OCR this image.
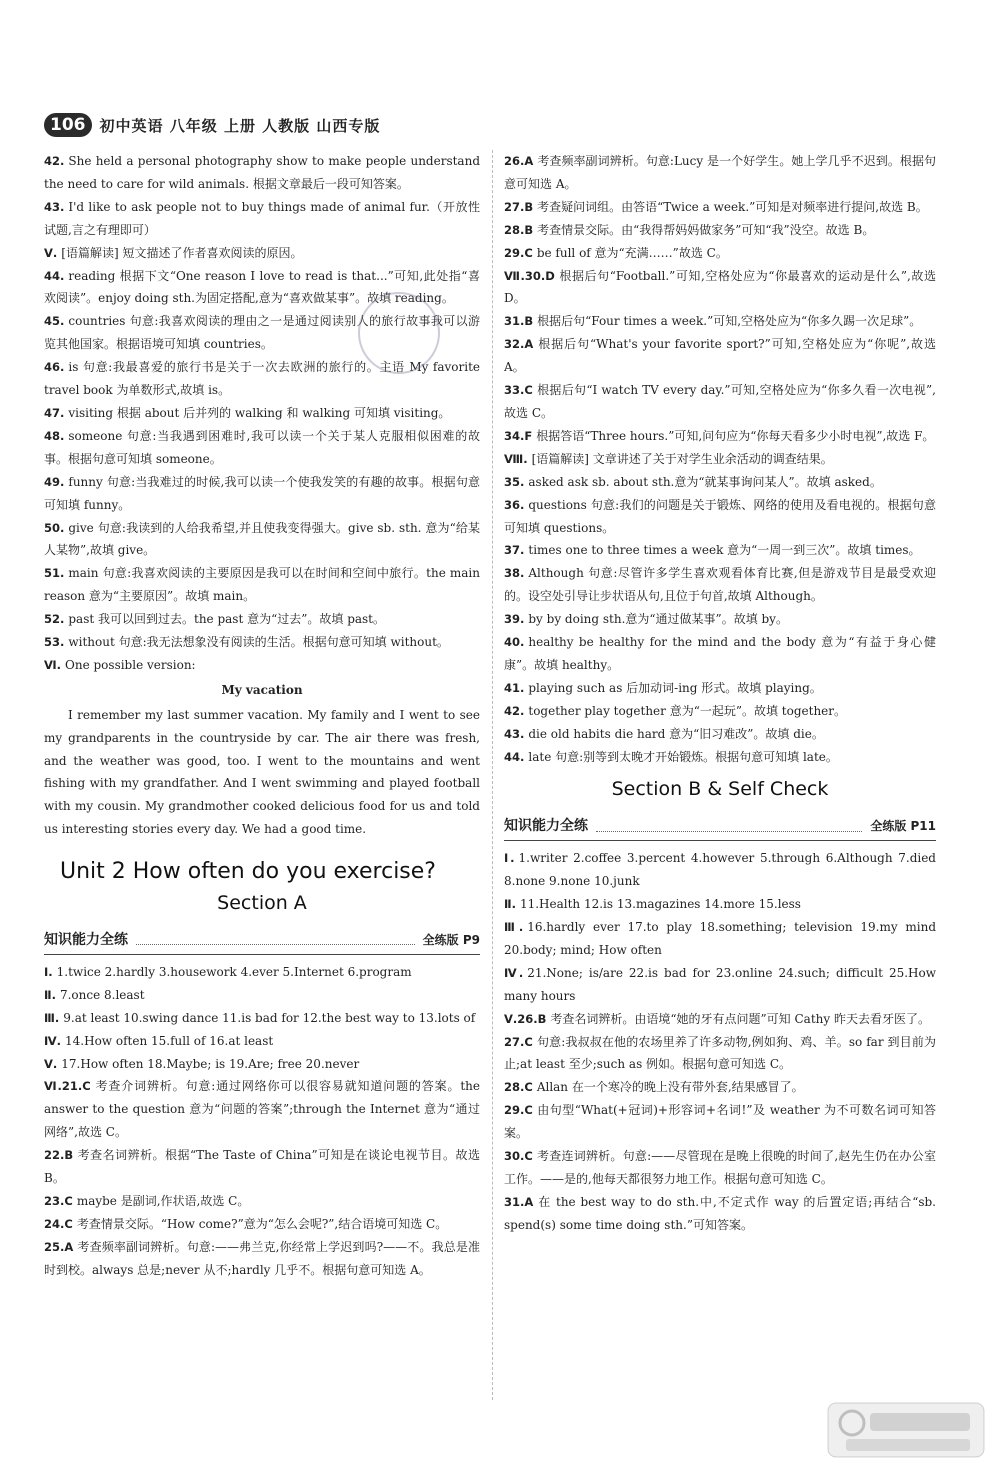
106 初中英语 八年级 上册 人教版 山西专版

42. She held a personal photography show to make people understand the need to care for wild animals. 根据文章最后一段可知答案。

43. I'd like to ask people not to buy things made of animal fur.（开放性试题,言之有理即可）

Ⅴ. [语篇解读] 短文描述了作者喜欢阅读的原因。

44. reading 根据下文“One reason I love to read is that...”可知,此处指“喜欢阅读”。enjoy doing sth.为固定搭配,意为“喜欢做某事”。故填 reading。

45. countries 句意:我喜欢阅读的理由之一是通过阅读别人的旅行故事我可以游览其他国家。根据语境可知填 countries。

46. is 句意:我最喜爱的旅行书是关于一次去欧洲的旅行的。主语 My favorite travel book 为单数形式,故填 is。

47. visiting 根据 about 后并列的 walking 和 walking 可知填 visiting。

48. someone 句意:当我遇到困难时,我可以读一个关于某人克服相似困难的故事。根据句意可知填 someone。

49. funny 句意:当我难过的时候,我可以读一个使我发笑的有趣的故事。根据句意可知填 funny。

50. give 句意:我读到的人给我希望,并且使我变得强大。give sb. sth. 意为“给某人某物”,故填 give。

51. main 句意:我喜欢阅读的主要原因是我可以在时间和空间中旅行。the main reason 意为“主要原因”。故填 main。

52. past 我可以回到过去。the past 意为“过去”。故填 past。

53. without 句意:我无法想象没有阅读的生活。根据句意可知填 without。

Ⅵ. One possible version:

My vacation

I remember my last summer vacation. My family and I went to see my grandparents in the countryside by car. The air there was fresh, and the weather was good, too. I went to the mountains and went fishing with my grandfather. And I went swimming and played football with my cousin. My grandmother cooked delicious food for us and told us interesting stories every day. We had a good time.

Unit 2 How often do you exercise?
Section A
知识能力全练	全练版 P9

Ⅰ. 1.twice 2.hardly 3.housework 4.ever 5.Internet 6.program

Ⅱ. 7.once 8.least

Ⅲ. 9.at least 10.swing dance 11.is bad for 12.the best way to 13.lots of

Ⅳ. 14.How often 15.full of 16.at least

Ⅴ. 17.How often 18.Maybe; is 19.Are; free 20.never

Ⅵ.21.C 考查介词辨析。句意:通过网络你可以很容易就知道问题的答案。the answer to the question 意为“问题的答案”;through the Internet 意为“通过网络”,故选 C。

22.B 考查名词辨析。根据“The Taste of China”可知是在谈论电视节目。故选 B。

23.C maybe 是副词,作状语,故选 C。

24.C 考查情景交际。“How come?”意为“怎么会呢?”,结合语境可知选 C。

25.A 考查频率副词辨析。句意:——弗兰克,你经常上学迟到吗?——不。我总是准时到校。always 总是;never 从不;hardly 几乎不。根据句意可知选 A。

26.A 考查频率副词辨析。句意:Lucy 是一个好学生。她上学几乎不迟到。根据句意可知选 A。

27.B 考查疑问词组。由答语“Twice a week.”可知是对频率进行提问,故选 B。

28.B 考查情景交际。由“我得帮妈妈做家务”可知“我”没空。故选 B。

29.C be full of 意为“充满……”故选 C。

Ⅶ.30.D 根据后句“Football.”可知,空格处应为“你最喜欢的运动是什么”,故选 D。

31.B 根据后句“Four times a week.”可知,空格处应为“你多久踢一次足球”。

32.A 根据后句“What's your favorite sport?”可知,空格处应为“你呢”,故选 A。

33.C 根据后句“I watch TV every day.”可知,空格处应为“你多久看一次电视”,故选 C。

34.F 根据答语“Three hours.”可知,问句应为“你每天看多少小时电视”,故选 F。

Ⅷ. [语篇解读] 文章讲述了关于对学生业余活动的调查结果。

35. asked ask sb. about sth.意为“就某事询问某人”。故填 asked。

36. questions 句意:我们的问题是关于锻炼、网络的使用及看电视的。根据句意可知填 questions。

37. times one to three times a week 意为“一周一到三次”。故填 times。

38. Although 句意:尽管许多学生喜欢观看体育比赛,但是游戏节目是最受欢迎的。设空处引导让步状语从句,且位于句首,故填 Although。

39. by by doing sth.意为“通过做某事”。故填 by。

40. healthy be healthy for the mind and the body 意为“有益于身心健康”。故填 healthy。

41. playing such as 后加动词-ing 形式。故填 playing。

42. together play together 意为“一起玩”。故填 together。

43. die old habits die hard 意为“旧习难改”。故填 die。

44. late 句意:别等到太晚才开始锻炼。根据句意可知填 late。

Section B & Self Check
知识能力全练	全练版 P11

Ⅰ. 1.writer 2.coffee 3.percent 4.however 5.through 6.Although 7.died 8.none 9.none 10.junk

Ⅱ. 11.Health 12.is 13.magazines 14.more 15.less

Ⅲ. 16.hardly ever 17.to play 18.something; television 19.my mind 20.body; mind; How often

Ⅳ. 21.None; is/are 22.is bad for 23.online 24.such; difficult 25.How many hours

Ⅴ.26.B 考查名词辨析。由语境“她的牙有点问题”可知 Cathy 昨天去看牙医了。

27.C 句意:我叔叔在他的农场里养了许多动物,例如狗、鸡、羊。so far 到目前为止;at least 至少;such as 例如。根据句意可知选 C。

28.C Allan 在一个寒冷的晚上没有带外套,结果感冒了。

29.C 由句型“What(+冠词)+形容词+名词!”及 weather 为不可数名词可知答案。

30.C 考查连词辨析。句意:——尽管现在是晚上很晚的时间了,赵先生仍在办公室工作。——是的,他每天都很努力地工作。根据句意可知选 C。

31.A 在 the best way to do sth.中,不定式作 way 的后置定语;再结合“sb. spend(s) some time doing sth.”可知答案。
